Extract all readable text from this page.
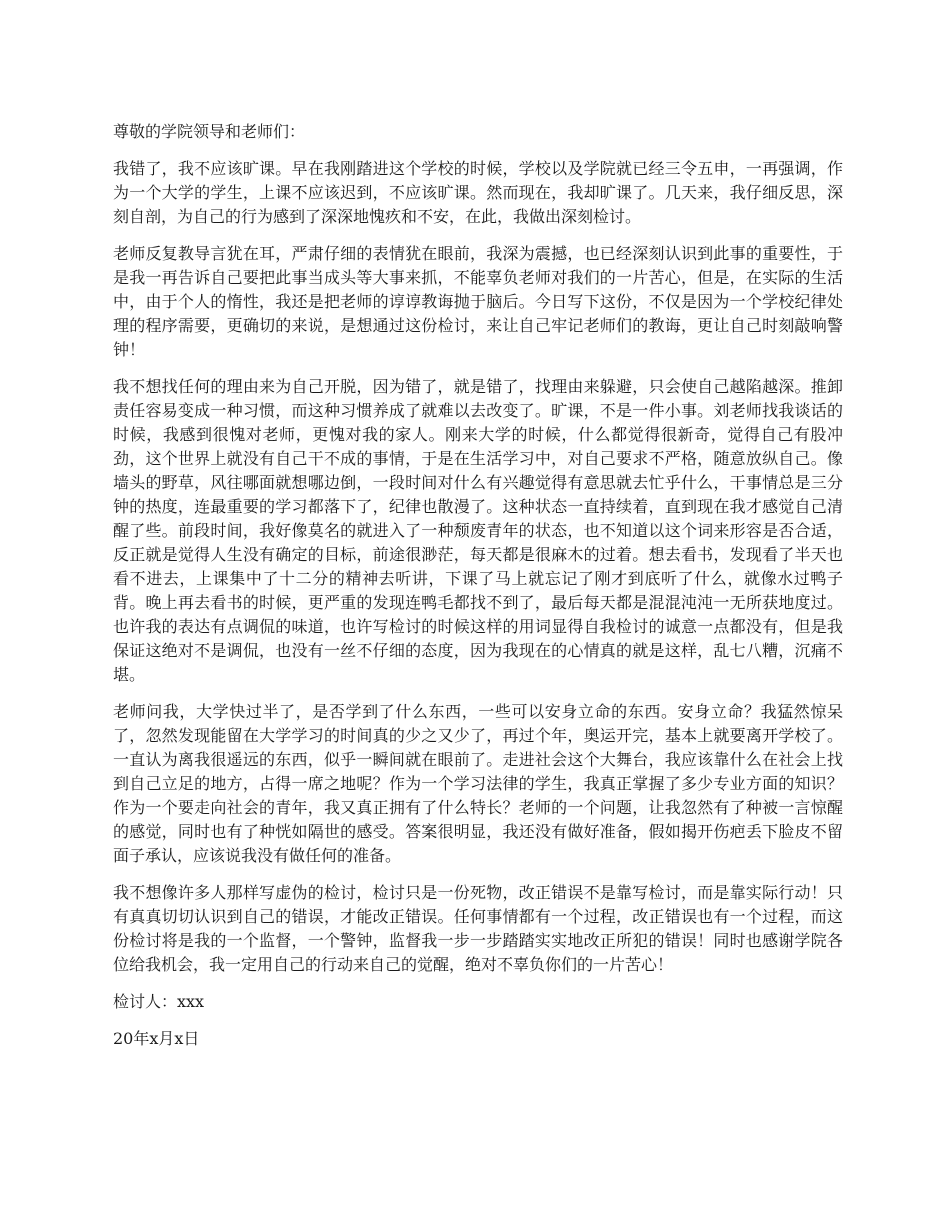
尊敬的学院领导和老师们：

我错了，我不应该旷课。早在我刚踏进这个学校的时候，学校以及学院就已经三令五申，一再强调，作为一个大学的学生，上课不应该迟到，不应该旷课。然而现在，我却旷课了。几天来，我仔细反思，深刻自剖，为自己的行为感到了深深地愧疚和不安，在此，我做出深刻检讨。

老师反复教导言犹在耳，严肃仔细的表情犹在眼前，我深为震撼，也已经深刻认识到此事的重要性，于是我一再告诉自己要把此事当成头等大事来抓，不能辜负老师对我们的一片苦心，但是，在实际的生活中，由于个人的惰性，我还是把老师的谆谆教诲抛于脑后。今日写下这份，不仅是因为一个学校纪律处理的程序需要，更确切的来说，是想通过这份检讨，来让自己牢记老师们的教诲，更让自己时刻敲响警钟！

我不想找任何的理由来为自己开脱，因为错了，就是错了，找理由来躲避，只会使自己越陷越深。推卸责任容易变成一种习惯，而这种习惯养成了就难以去改变了。旷课，不是一件小事。刘老师找我谈话的时候，我感到很愧对老师，更愧对我的家人。刚来大学的时候，什么都觉得很新奇，觉得自己有股冲劲，这个世界上就没有自己干不成的事情，于是在生活学习中，对自己要求不严格，随意放纵自己。像墙头的野草，风往哪面就想哪边倒，一段时间对什么有兴趣觉得有意思就去忙乎什么，干事情总是三分钟的热度，连最重要的学习都落下了，纪律也散漫了。这种状态一直持续着，直到现在我才感觉自己清醒了些。前段时间，我好像莫名的就进入了一种颓废青年的状态，也不知道以这个词来形容是否合适，反正就是觉得人生没有确定的目标，前途很渺茫，每天都是很麻木的过着。想去看书，发现看了半天也看不进去，上课集中了十二分的精神去听讲，下课了马上就忘记了刚才到底听了什么，就像水过鸭子背。晚上再去看书的时候，更严重的发现连鸭毛都找不到了，最后每天都是混混沌沌一无所获地度过。也许我的表达有点调侃的味道，也许写检讨的时候这样的用词显得自我检讨的诚意一点都没有，但是我保证这绝对不是调侃，也没有一丝不仔细的态度，因为我现在的心情真的就是这样，乱七八糟，沉痛不堪。

老师问我，大学快过半了，是否学到了什么东西，一些可以安身立命的东西。安身立命？我猛然惊呆了，忽然发现能留在大学学习的时间真的少之又少了，再过个年，奥运开完，基本上就要离开学校了。一直认为离我很遥远的东西，似乎一瞬间就在眼前了。走进社会这个大舞台，我应该靠什么在社会上找到自己立足的地方，占得一席之地呢？作为一个学习法律的学生，我真正掌握了多少专业方面的知识？作为一个要走向社会的青年，我又真正拥有了什么特长？老师的一个问题，让我忽然有了种被一言惊醒的感觉，同时也有了种恍如隔世的感受。答案很明显，我还没有做好准备，假如揭开伤疤丢下脸皮不留面子承认，应该说我没有做任何的准备。

我不想像许多人那样写虚伪的检讨，检讨只是一份死物，改正错误不是靠写检讨，而是靠实际行动！只有真真切切认识到自己的错误，才能改正错误。任何事情都有一个过程，改正错误也有一个过程，而这份检讨将是我的一个监督，一个警钟，监督我一步一步踏踏实实地改正所犯的错误！同时也感谢学院各位给我机会，我一定用自己的行动来自己的觉醒，绝对不辜负你们的一片苦心！

检讨人：xxx

20年x月x日
